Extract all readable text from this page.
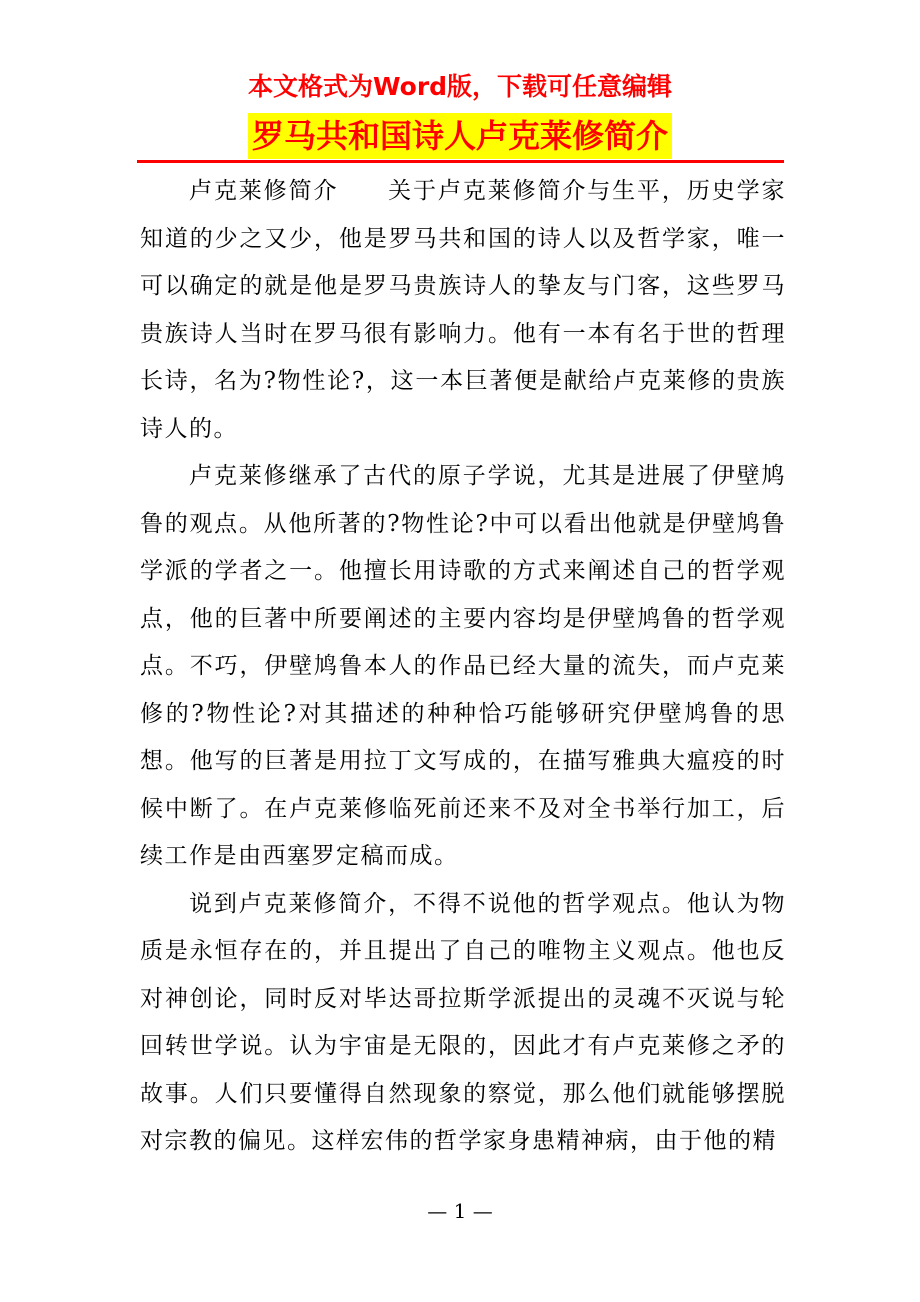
本文格式为Word版，下载可任意编辑

罗马共和国诗人卢克莱修简介

卢克莱修简介　　关于卢克莱修简介与生平，历史学家知道的少之又少，他是罗马共和国的诗人以及哲学家，唯一可以确定的就是他是罗马贵族诗人的挚友与门客，这些罗马贵族诗人当时在罗马很有影响力。他有一本有名于世的哲理长诗，名为?物性论?，这一本巨著便是献给卢克莱修的贵族诗人的。

卢克莱修继承了古代的原子学说，尤其是进展了伊壁鸠鲁的观点。从他所著的?物性论?中可以看出他就是伊壁鸠鲁学派的学者之一。他擅长用诗歌的方式来阐述自己的哲学观点，他的巨著中所要阐述的主要内容均是伊壁鸠鲁的哲学观点。不巧，伊壁鸠鲁本人的作品已经大量的流失，而卢克莱修的?物性论?对其描述的种种恰巧能够研究伊壁鸠鲁的思想。他写的巨著是用拉丁文写成的，在描写雅典大瘟疫的时候中断了。在卢克莱修临死前还来不及对全书举行加工，后续工作是由西塞罗定稿而成。

说到卢克莱修简介，不得不说他的哲学观点。他认为物质是永恒存在的，并且提出了自己的唯物主义观点。他也反对神创论，同时反对毕达哥拉斯学派提出的灵魂不灭说与轮回转世学说。认为宇宙是无限的，因此才有卢克莱修之矛的故事。人们只要懂得自然现象的察觉，那么他们就能够摆脱对宗教的偏见。这样宏伟的哲学家身患精神病，由于他的精

— 1 —
